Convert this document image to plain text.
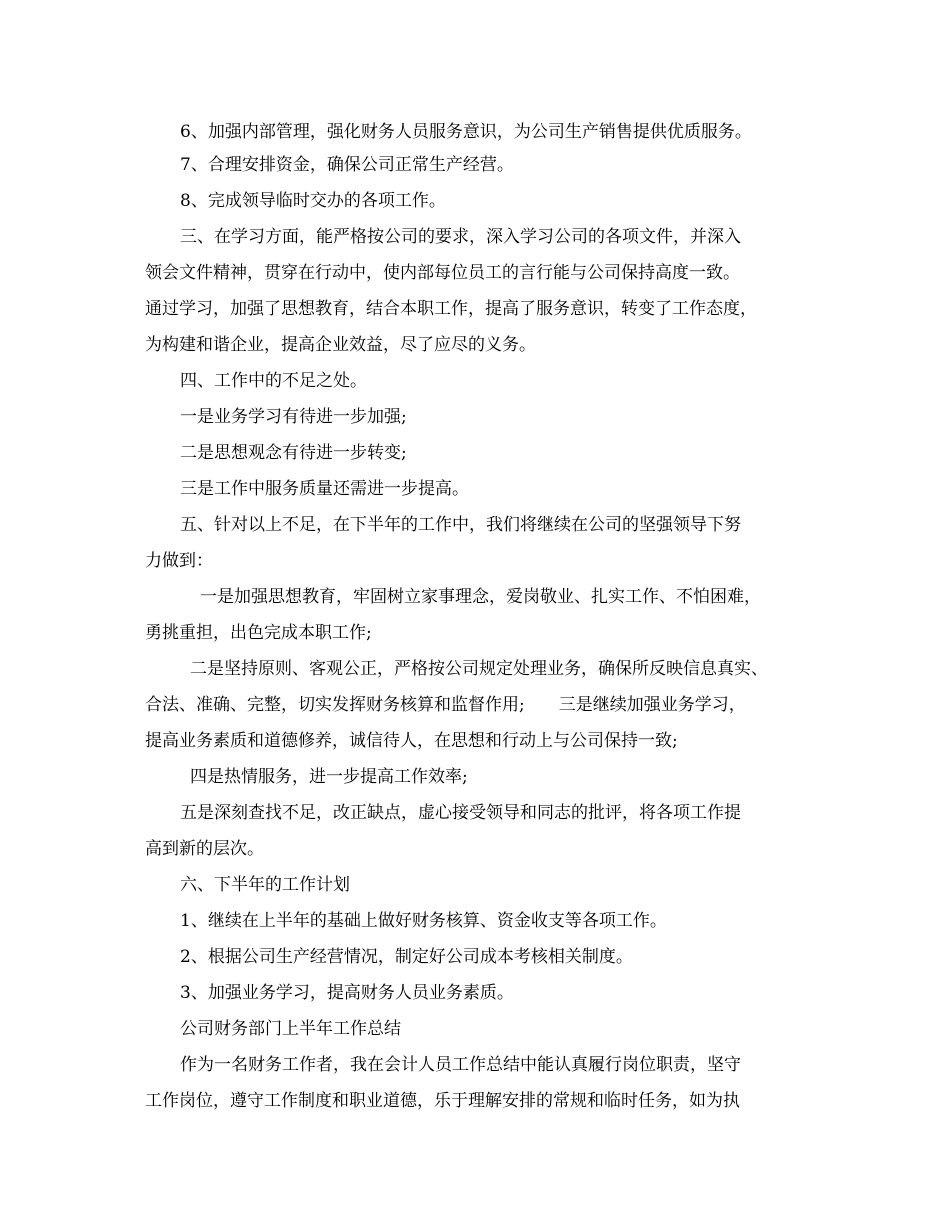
6、加强内部管理，强化财务人员服务意识，为公司生产销售提供优质服务。
7、合理安排资金，确保公司正常生产经营。
8、完成领导临时交办的各项工作。
三、在学习方面，能严格按公司的要求，深入学习公司的各项文件，并深入
领会文件精神，贯穿在行动中，使内部每位员工的言行能与公司保持高度一致。
通过学习，加强了思想教育，结合本职工作，提高了服务意识，转变了工作态度，
为构建和谐企业，提高企业效益，尽了应尽的义务。
四、工作中的不足之处。
一是业务学习有待进一步加强;
二是思想观念有待进一步转变;
三是工作中服务质量还需进一步提高。
五、针对以上不足，在下半年的工作中，我们将继续在公司的坚强领导下努
力做到：
一是加强思想教育，牢固树立家事理念，爱岗敬业、扎实工作、不怕困难，
勇挑重担，出色完成本职工作;
二是坚持原则、客观公正，严格按公司规定处理业务，确保所反映信息真实、
合法、准确、完整，切实发挥财务核算和监督作用;　　三是继续加强业务学习，
提高业务素质和道德修养，诚信待人，在思想和行动上与公司保持一致;
四是热情服务，进一步提高工作效率;
五是深刻查找不足，改正缺点，虚心接受领导和同志的批评，将各项工作提
高到新的层次。
六、下半年的工作计划
1、继续在上半年的基础上做好财务核算、资金收支等各项工作。
2、根据公司生产经营情况，制定好公司成本考核相关制度。
3、加强业务学习，提高财务人员业务素质。
公司财务部门上半年工作总结
作为一名财务工作者，我在会计人员工作总结中能认真履行岗位职责，坚守
工作岗位，遵守工作制度和职业道德，乐于理解安排的常规和临时任务，如为执
